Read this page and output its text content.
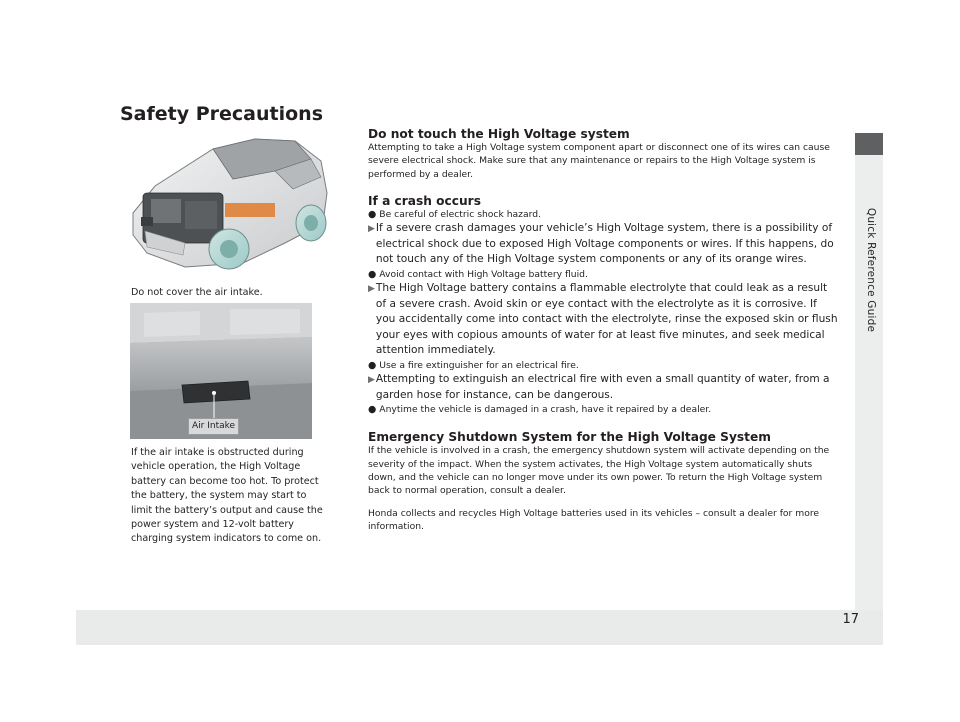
17
Quick Reference Guide
Safety Precautions
Do not cover the air intake.
Air Intake
If the air intake is obstructed during vehicle operation, the High Voltage battery can become too hot. To protect the battery, the system may start to limit the battery’s output and cause the power system and 12-volt battery charging system indicators to come on.
Do not touch the High Voltage system

Attempting to take a High Voltage system component apart or disconnect one of its wires can cause severe electrical shock. Make sure that any maintenance or repairs to the High Voltage system is performed by a dealer.

If a crash occurs

● Be careful of electric shock hazard.

▶ If a severe crash damages your vehicle’s High Voltage system, there is a possibility of electrical shock due to exposed High Voltage components or wires. If this happens, do not touch any of the High Voltage system components or any of its orange wires.

● Avoid contact with High Voltage battery fluid.

▶ The High Voltage battery contains a flammable electrolyte that could leak as a result of a severe crash. Avoid skin or eye contact with the electrolyte as it is corrosive. If you accidentally come into contact with the electrolyte, rinse the exposed skin or flush your eyes with copious amounts of water for at least five minutes, and seek medical attention immediately.

● Use a fire extinguisher for an electrical fire.

▶ Attempting to extinguish an electrical fire with even a small quantity of water, from a garden hose for instance, can be dangerous.

● Anytime the vehicle is damaged in a crash, have it repaired by a dealer.

Emergency Shutdown System for the High Voltage System

If the vehicle is involved in a crash, the emergency shutdown system will activate depending on the severity of the impact. When the system activates, the High Voltage system automatically shuts down, and the vehicle can no longer move under its own power. To return the High Voltage system back to normal operation, consult a dealer.

Honda collects and recycles High Voltage batteries used in its vehicles – consult a dealer for more information.
